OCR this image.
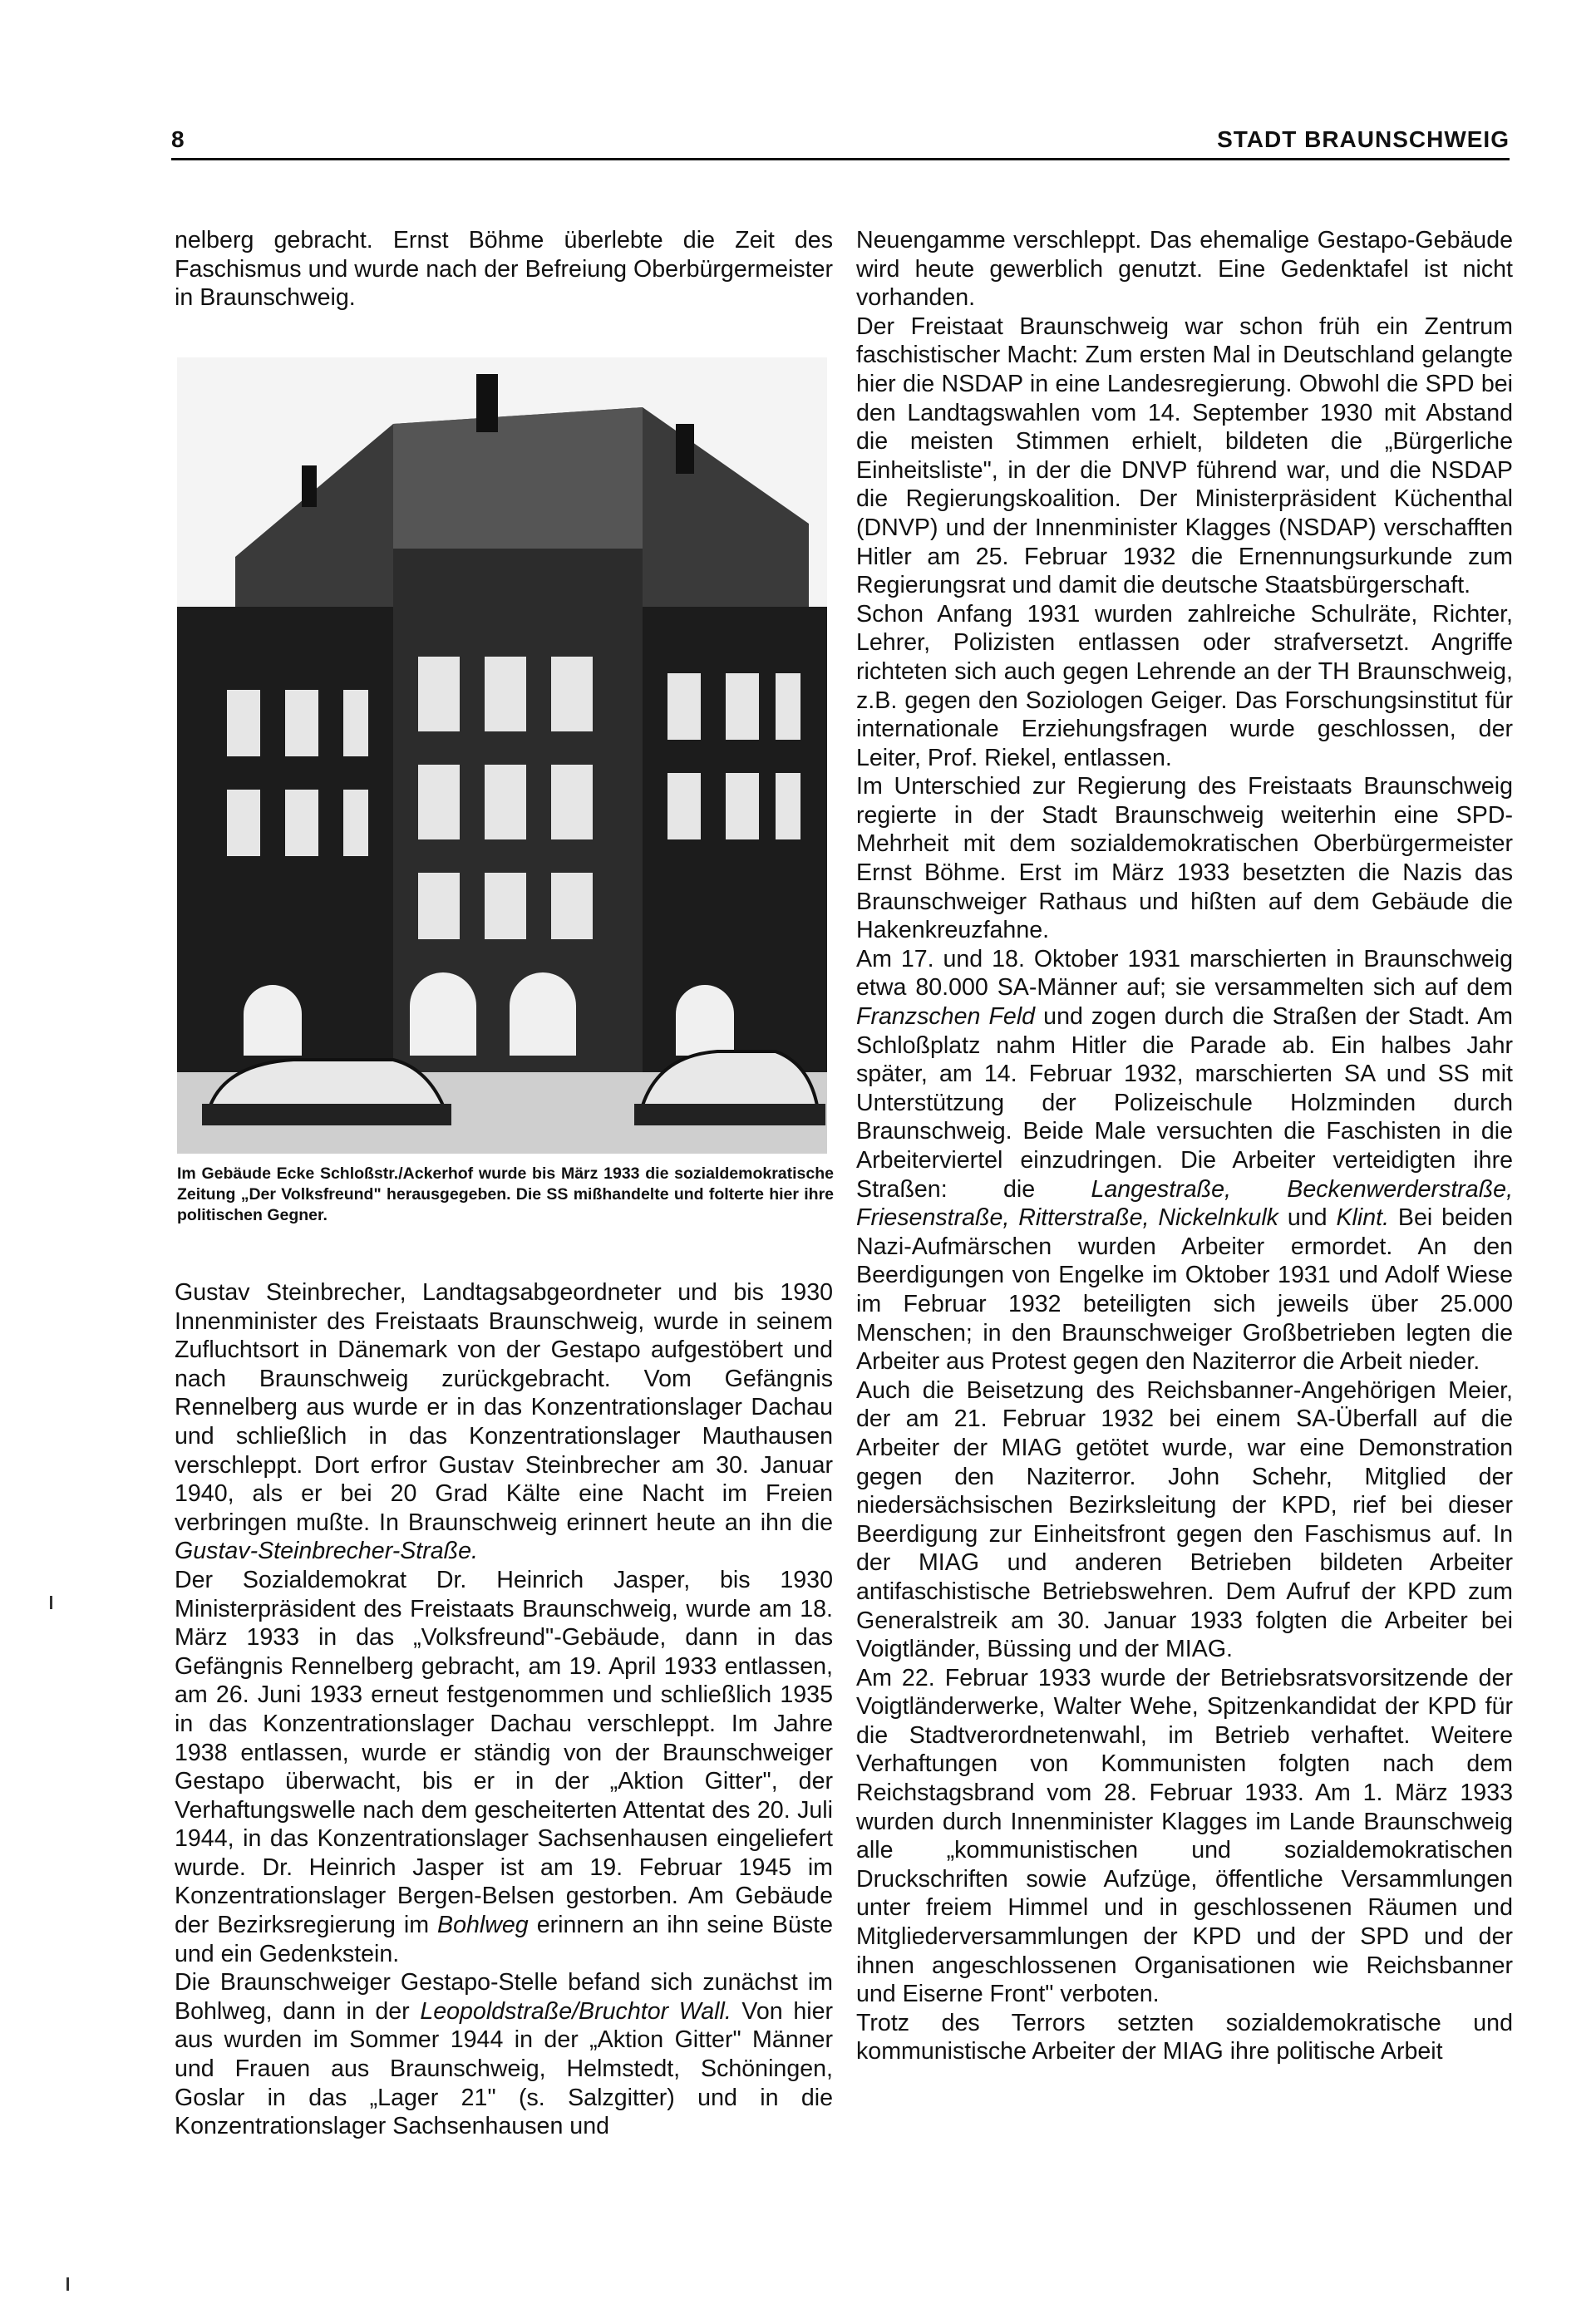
8	STADT BRAUNSCHWEIG

nelberg gebracht. Ernst Böhme überlebte die Zeit des Faschismus und wurde nach der Befreiung Oberbürgermeister in Braunschweig.

Im Gebäude Ecke Schloßstr./Ackerhof wurde bis März 1933 die sozialdemokratische Zeitung „Der Volksfreund" herausgegeben. Die SS mißhandelte und folterte hier ihre politischen Gegner.

Gustav Steinbrecher, Landtagsabgeordneter und bis 1930 Innenminister des Freistaats Braunschweig, wurde in seinem Zufluchtsort in Dänemark von der Gestapo aufgestöbert und nach Braunschweig zurückgebracht. Vom Gefängnis Rennelberg aus wurde er in das Konzentrationslager Dachau und schließlich in das Konzentrationslager Mauthausen verschleppt. Dort erfror Gustav Steinbrecher am 30. Januar 1940, als er bei 20 Grad Kälte eine Nacht im Freien verbringen mußte. In Braunschweig erinnert heute an ihn die Gustav-Steinbrecher-Straße.

Der Sozialdemokrat Dr. Heinrich Jasper, bis 1930 Ministerpräsident des Freistaats Braunschweig, wurde am 18. März 1933 in das „Volksfreund"-Gebäude, dann in das Gefängnis Rennelberg gebracht, am 19. April 1933 entlassen, am 26. Juni 1933 erneut festgenommen und schließlich 1935 in das Konzentrationslager Dachau verschleppt. Im Jahre 1938 entlassen, wurde er ständig von der Braunschweiger Gestapo überwacht, bis er in der „Aktion Gitter", der Verhaftungswelle nach dem gescheiterten Attentat des 20. Juli 1944, in das Konzentrationslager Sachsenhausen eingeliefert wurde. Dr. Heinrich Jasper ist am 19. Februar 1945 im Konzentrationslager Bergen-Belsen gestorben. Am Gebäude der Bezirksregierung im Bohlweg erinnern an ihn seine Büste und ein Gedenkstein.

Die Braunschweiger Gestapo-Stelle befand sich zunächst im Bohlweg, dann in der Leopoldstraße/Bruchtor Wall. Von hier aus wurden im Sommer 1944 in der „Aktion Gitter" Männer und Frauen aus Braunschweig, Helmstedt, Schöningen, Goslar in das „Lager 21" (s. Salzgitter) und in die Konzentrationslager Sachsenhausen und

Neuengamme verschleppt. Das ehemalige Gestapo-Gebäude wird heute gewerblich genutzt. Eine Gedenktafel ist nicht vorhanden.

Der Freistaat Braunschweig war schon früh ein Zentrum faschistischer Macht: Zum ersten Mal in Deutschland gelangte hier die NSDAP in eine Landesregierung. Obwohl die SPD bei den Landtagswahlen vom 14. September 1930 mit Abstand die meisten Stimmen erhielt, bildeten die „Bürgerliche Einheitsliste", in der die DNVP führend war, und die NSDAP die Regierungskoalition. Der Ministerpräsident Küchenthal (DNVP) und der Innenminister Klagges (NSDAP) verschafften Hitler am 25. Februar 1932 die Ernennungsurkunde zum Regierungsrat und damit die deutsche Staatsbürgerschaft.

Schon Anfang 1931 wurden zahlreiche Schulräte, Richter, Lehrer, Polizisten entlassen oder strafversetzt. Angriffe richteten sich auch gegen Lehrende an der TH Braunschweig, z.B. gegen den Soziologen Geiger. Das Forschungsinstitut für internationale Erziehungsfragen wurde geschlossen, der Leiter, Prof. Riekel, entlassen.

Im Unterschied zur Regierung des Freistaats Braunschweig regierte in der Stadt Braunschweig weiterhin eine SPD-Mehrheit mit dem sozialdemokratischen Oberbürgermeister Ernst Böhme. Erst im März 1933 besetzten die Nazis das Braunschweiger Rathaus und hißten auf dem Gebäude die Hakenkreuzfahne.

Am 17. und 18. Oktober 1931 marschierten in Braunschweig etwa 80.000 SA-Männer auf; sie versammelten sich auf dem Franzschen Feld und zogen durch die Straßen der Stadt. Am Schloßplatz nahm Hitler die Parade ab. Ein halbes Jahr später, am 14. Februar 1932, marschierten SA und SS mit Unterstützung der Polizeischule Holzminden durch Braunschweig. Beide Male versuchten die Faschisten in die Arbeiterviertel einzudringen. Die Arbeiter verteidigten ihre Straßen: die Langestraße, Beckenwerderstraße, Friesenstraße, Ritterstraße, Nickelnkulk und Klint. Bei beiden Nazi-Aufmärschen wurden Arbeiter ermordet. An den Beerdigungen von Engelke im Oktober 1931 und Adolf Wiese im Februar 1932 beteiligten sich jeweils über 25.000 Menschen; in den Braunschweiger Großbetrieben legten die Arbeiter aus Protest gegen den Naziterror die Arbeit nieder.

Auch die Beisetzung des Reichsbanner-Angehörigen Meier, der am 21. Februar 1932 bei einem SA-Überfall auf die Arbeiter der MIAG getötet wurde, war eine Demonstration gegen den Naziterror. John Schehr, Mitglied der niedersächsischen Bezirksleitung der KPD, rief bei dieser Beerdigung zur Einheitsfront gegen den Faschismus auf. In der MIAG und anderen Betrieben bildeten Arbeiter antifaschistische Betriebswehren. Dem Aufruf der KPD zum Generalstreik am 30. Januar 1933 folgten die Arbeiter bei Voigtländer, Büssing und der MIAG.

Am 22. Februar 1933 wurde der Betriebsratsvorsitzende der Voigtländerwerke, Walter Wehe, Spitzenkandidat der KPD für die Stadtverordnetenwahl, im Betrieb verhaftet. Weitere Verhaftungen von Kommunisten folgten nach dem Reichstagsbrand vom 28. Februar 1933. Am 1. März 1933 wurden durch Innenminister Klagges im Lande Braunschweig alle „kommunistischen und sozialdemokratischen Druckschriften sowie Aufzüge, öffentliche Versammlungen unter freiem Himmel und in geschlossenen Räumen und Mitgliederversammlungen der KPD und der SPD und der ihnen angeschlossenen Organisationen wie Reichsbanner und Eiserne Front" verboten.

Trotz des Terrors setzten sozialdemokratische und kommunistische Arbeiter der MIAG ihre politische Arbeit
